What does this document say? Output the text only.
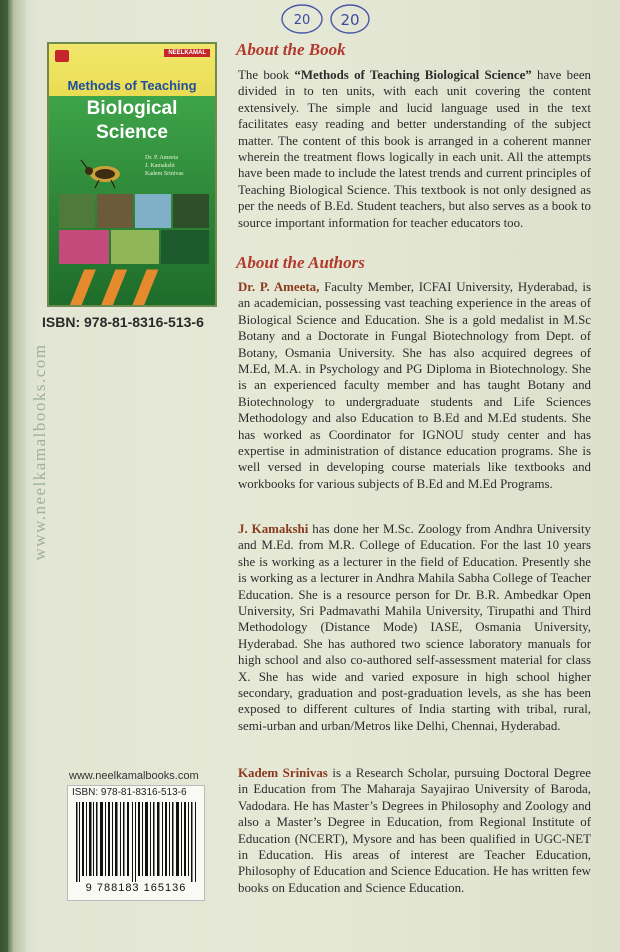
www.neelkamalbooks.com
20 20
NEELKAMAL
Methods of Teaching
Biological
Science
Dr. P. Ameeta
J. Kamakshi
Kadem Srinivas
ISBN: 978-81-8316-513-6
www.neelkamalbooks.com
ISBN: 978-81-8316-513-6
9 788183 165136
About the Book
The book “Methods of Teaching Biological Science” have been divided in to ten units, with each unit covering the content extensively. The simple and lucid language used in the text facilitates easy reading and better understanding of the subject matter. The content of this book is arranged in a coherent manner wherein the treatment flows logically in each unit. All the attempts have been made to include the latest trends and current principles of Teaching Biological Science. This textbook is not only designed as per the needs of B.Ed. Student teachers, but also serves as a book to source important information for teacher educators too.
About the Authors
Dr. P. Ameeta, Faculty Member, ICFAI University, Hyderabad, is an academician, possessing vast teaching experience in the areas of Biological Science and Education. She is a gold medalist in M.Sc Botany and a Doctorate in Fungal Biotechnology from Dept. of Botany, Osmania University. She has also acquired degrees of M.Ed, M.A. in Psychology and PG Diploma in Biotechnology. She is an experienced faculty member and has taught Botany and Biotechnology to undergraduate students and Life Sciences Methodology and also Education to B.Ed and M.Ed students. She has worked as Coordinator for IGNOU study center and has expertise in administration of distance education programs. She is well versed in developing course materials like textbooks and workbooks for various subjects of B.Ed and M.Ed Programs.
J. Kamakshi has done her M.Sc. Zoology from Andhra University and M.Ed. from M.R. College of Education. For the last 10 years she is working as a lecturer in the field of Education. Presently she is working as a lecturer in Andhra Mahila Sabha College of Teacher Education. She is a resource person for Dr. B.R. Ambedkar Open University, Sri Padmavathi Mahila University, Tirupathi and Third Methodology (Distance Mode) IASE, Osmania University, Hyderabad. She has authored two science laboratory manuals for high school and also co-authored self-assessment material for class X. She has wide and varied exposure in high school higher secondary, graduation and post-graduation levels, as she has been exposed to different cultures of India starting with tribal, rural, semi-urban and urban/Metros like Delhi, Chennai, Hyderabad.
Kadem Srinivas is a Research Scholar, pursuing Doctoral Degree in Education from The Maharaja Sayajirao University of Baroda, Vadodara. He has Master’s Degrees in Philosophy and Zoology and also a Master’s Degree in Education, from Regional Institute of Education (NCERT), Mysore and has been qualified in UGC-NET in Education. His areas of interest are Teacher Education, Philosophy of Education and Science Education. He has written few books on Education and Science Education.
